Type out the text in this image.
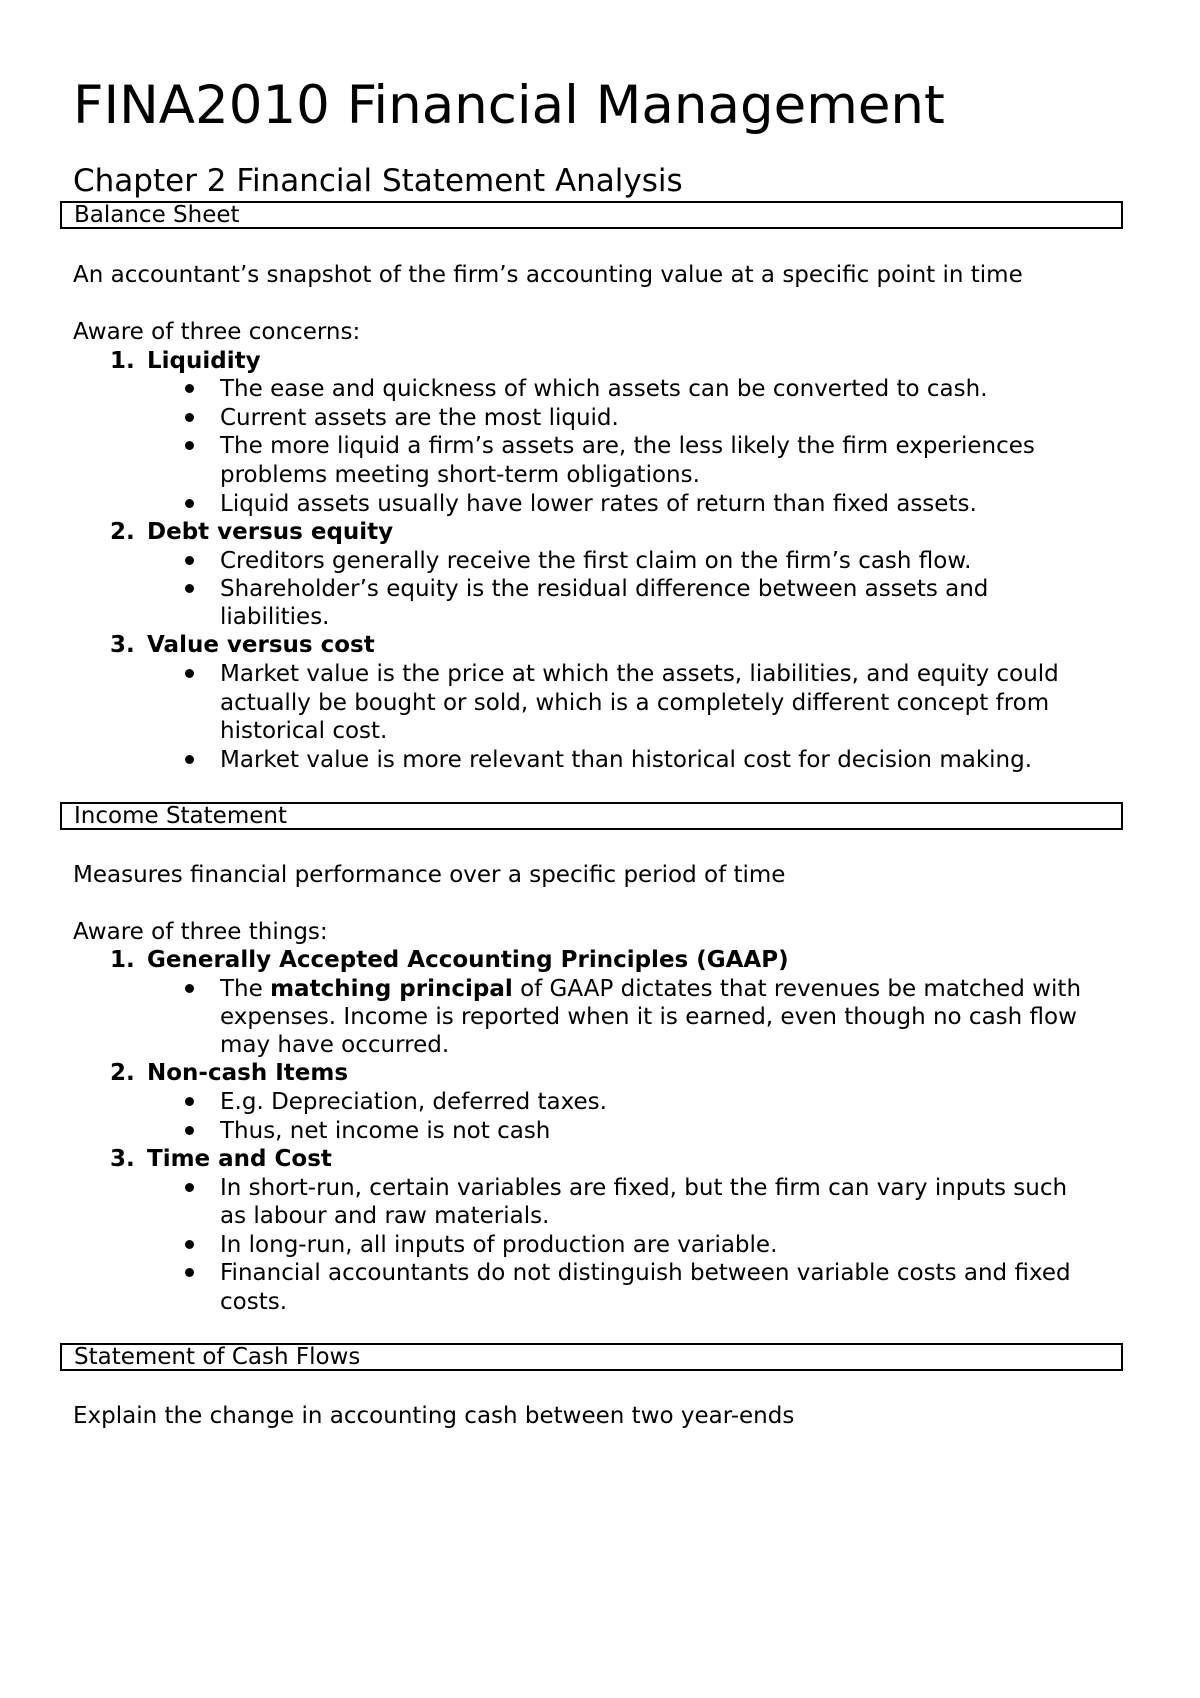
FINA2010 Financial Management
Chapter 2 Financial Statement Analysis
Balance Sheet
An accountant’s snapshot of the firm’s accounting value at a specific point in time
Aware of three concerns:
1. Liquidity
The ease and quickness of which assets can be converted to cash.
Current assets are the most liquid.
The more liquid a firm’s assets are, the less likely the firm experiences
problems meeting short-term obligations.
Liquid assets usually have lower rates of return than fixed assets.
2. Debt versus equity
Creditors generally receive the first claim on the firm’s cash flow.
Shareholder’s equity is the residual difference between assets and
liabilities.
3. Value versus cost
Market value is the price at which the assets, liabilities, and equity could
actually be bought or sold, which is a completely different concept from
historical cost.
Market value is more relevant than historical cost for decision making.
Income Statement
Measures financial performance over a specific period of time
Aware of three things:
1. Generally Accepted Accounting Principles (GAAP)
The matching principal of GAAP dictates that revenues be matched with
expenses. Income is reported when it is earned, even though no cash flow
may have occurred.
2. Non-cash Items
E.g. Depreciation, deferred taxes.
Thus, net income is not cash
3. Time and Cost
In short-run, certain variables are fixed, but the firm can vary inputs such
as labour and raw materials.
In long-run, all inputs of production are variable.
Financial accountants do not distinguish between variable costs and fixed
costs.
Statement of Cash Flows
Explain the change in accounting cash between two year-ends
